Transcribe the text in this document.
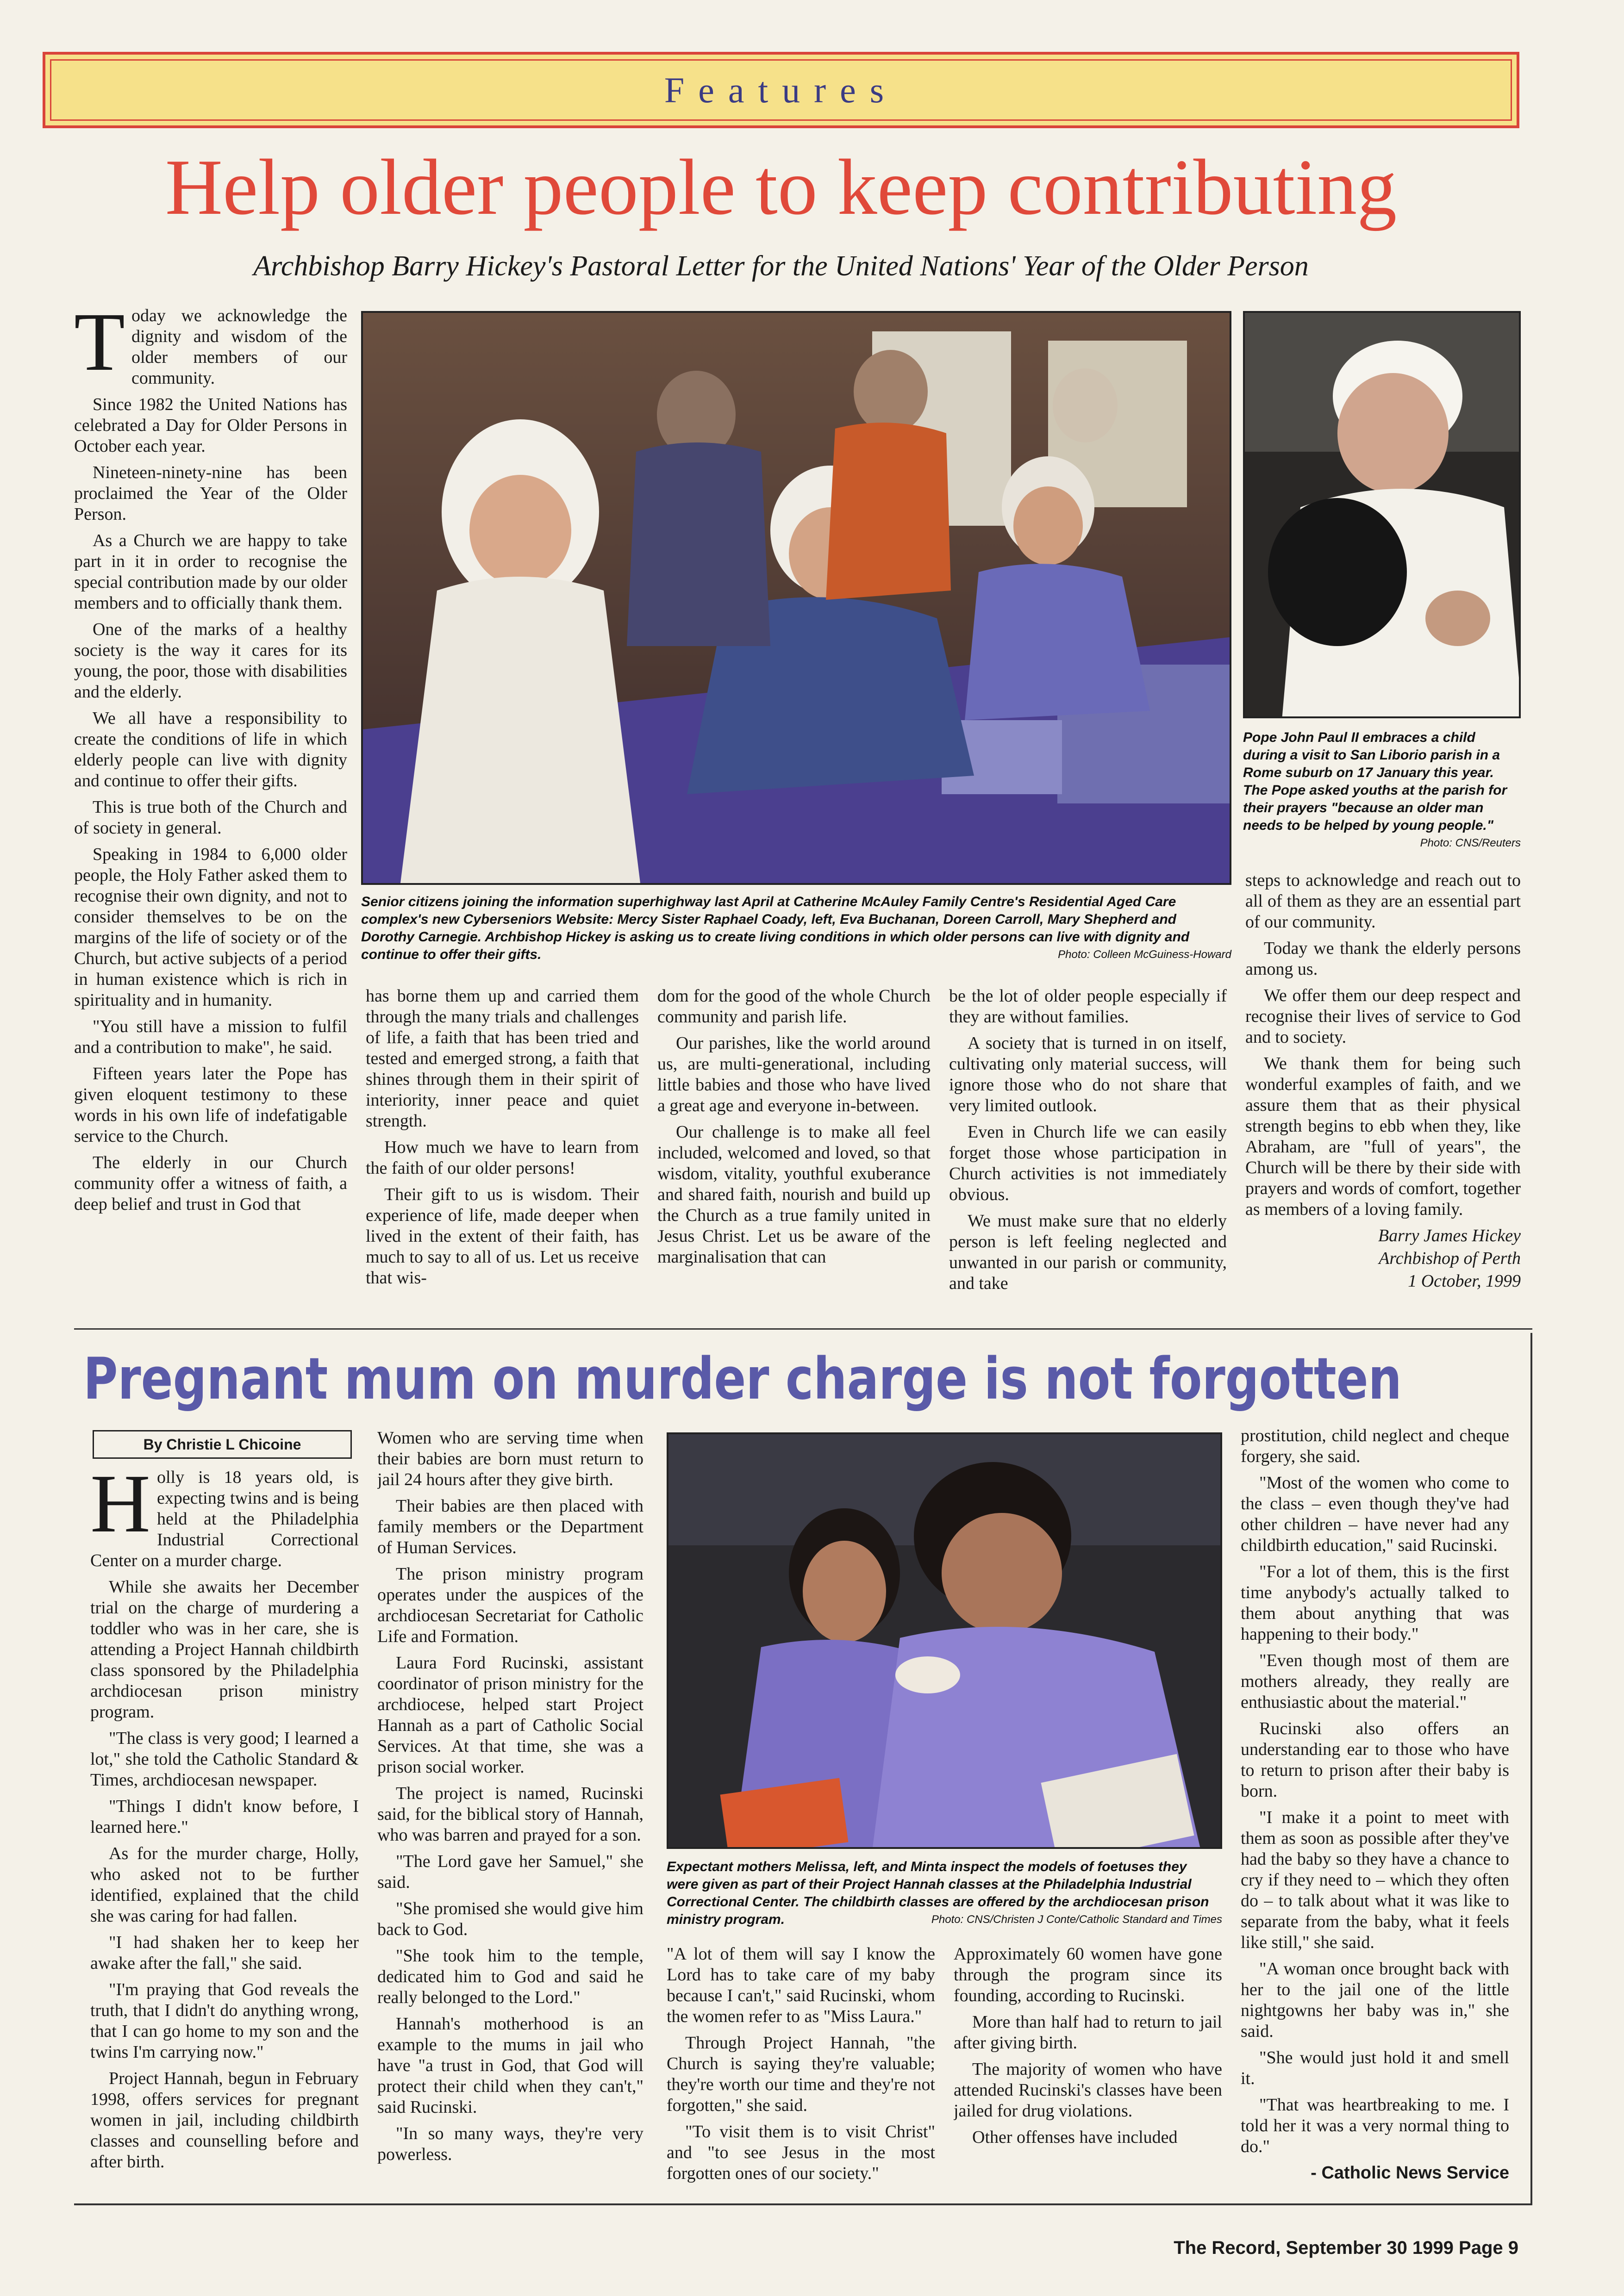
Features
Help older people to keep contributing
Archbishop Barry Hickey's Pastoral Letter for the United Nations' Year of the Older Person

Today we acknowledge the dignity and wisdom of the older members of our community.

Since 1982 the United Nations has celebrated a Day for Older Persons in October each year.

Nineteen-ninety-nine has been proclaimed the Year of the Older Person.

As a Church we are happy to take part in it in order to recognise the special contribution made by our older members and to officially thank them.

One of the marks of a healthy society is the way it cares for its young, the poor, those with disabilities and the elderly.

We all have a responsibility to create the conditions of life in which elderly people can live with dignity and continue to offer their gifts.

This is true both of the Church and of society in general.

Speaking in 1984 to 6,000 older people, the Holy Father asked them to recognise their own dignity, and not to consider themselves to be on the margins of the life of society or of the Church, but active subjects of a period in human existence which is rich in spirituality and in humanity.

"You still have a mission to fulfil and a contribution to make", he said.

Fifteen years later the Pope has given eloquent testimony to these words in his own life of indefatigable service to the Church.

The elderly in our Church community offer a witness of faith, a deep belief and trust in God that

Senior citizens joining the information superhighway last April at Catherine McAuley Family Centre's Residential Aged Care complex's new Cyberseniors Website: Mercy Sister Raphael Coady, left, Eva Buchanan, Doreen Carroll, Mary Shepherd and Dorothy Carnegie. Archbishop Hickey is asking us to create living conditions in which older persons can live with dignity and continue to offer their gifts.	Photo: Colleen McGuiness-Howard
Pope John Paul II embraces a child during a visit to San Liborio parish in a Rome suburb on 17 January this year. The Pope asked youths at the parish for their prayers "because an older man needs to be helped by young people."
Photo: CNS/Reuters

has borne them up and carried them through the many trials and challenges of life, a faith that has been tried and tested and emerged strong, a faith that shines through them in their spirit of interiority, inner peace and quiet strength.

How much we have to learn from the faith of our older persons!

Their gift to us is wisdom. Their experience of life, made deeper when lived in the extent of their faith, has much to say to all of us. Let us receive that wis-

dom for the good of the whole Church community and parish life.

Our parishes, like the world around us, are multi-generational, including little babies and those who have lived a great age and everyone in-between.

Our challenge is to make all feel included, welcomed and loved, so that wisdom, vitality, youthful exuberance and shared faith, nourish and build up the Church as a true family united in Jesus Christ. Let us be aware of the marginalisation that can

be the lot of older people especially if they are without families.

A society that is turned in on itself, cultivating only material success, will ignore those who do not share that very limited outlook.

Even in Church life we can easily forget those whose participation in Church activities is not immediately obvious.

We must make sure that no elderly person is left feeling neglected and unwanted in our parish or community, and take

steps to acknowledge and reach out to all of them as they are an essential part of our community.

Today we thank the elderly persons among us.

We offer them our deep respect and recognise their lives of service to God and to society.

We thank them for being such wonderful examples of faith, and we assure them that as their physical strength begins to ebb when they, like Abraham, are "full of years", the Church will be there by their side with prayers and words of comfort, together as members of a loving family.

Barry James Hickey

Archbishop of Perth

1 October, 1999

Pregnant mum on murder charge is not forgotten
By Christie L Chicoine

Holly is 18 years old, is expecting twins and is being held at the Philadelphia Industrial Correctional Center on a murder charge.

While she awaits her December trial on the charge of murdering a toddler who was in her care, she is attending a Project Hannah childbirth class sponsored by the Philadelphia archdiocesan prison ministry program.

"The class is very good; I learned a lot," she told the Catholic Standard & Times, archdiocesan newspaper.

"Things I didn't know before, I learned here."

As for the murder charge, Holly, who asked not to be further identified, explained that the child she was caring for had fallen.

"I had shaken her to keep her awake after the fall," she said.

"I'm praying that God reveals the truth, that I didn't do anything wrong, that I can go home to my son and the twins I'm carrying now."

Project Hannah, begun in February 1998, offers services for pregnant women in jail, including childbirth classes and counselling before and after birth.

Women who are serving time when their babies are born must return to jail 24 hours after they give birth.

Their babies are then placed with family members or the Department of Human Services.

The prison ministry program operates under the auspices of the archdiocesan Secretariat for Catholic Life and Formation.

Laura Ford Rucinski, assistant coordinator of prison ministry for the archdiocese, helped start Project Hannah as a part of Catholic Social Services. At that time, she was a prison social worker.

The project is named, Rucinski said, for the biblical story of Hannah, who was barren and prayed for a son.

"The Lord gave her Samuel," she said.

"She promised she would give him back to God.

"She took him to the temple, dedicated him to God and said he really belonged to the Lord."

Hannah's motherhood is an example to the mums in jail who have "a trust in God, that God will protect their child when they can't," said Rucinski.

"In so many ways, they're very powerless.

Expectant mothers Melissa, left, and Minta inspect the models of foetuses they were given as part of their Project Hannah classes at the Philadelphia Industrial Correctional Center. The childbirth classes are offered by the archdiocesan prison ministry program.	Photo: CNS/Christen J Conte/Catholic Standard and Times

"A lot of them will say I know the Lord has to take care of my baby because I can't," said Rucinski, whom the women refer to as "Miss Laura."

Through Project Hannah, "the Church is saying they're valuable; they're worth our time and they're not forgotten," she said.

"To visit them is to visit Christ" and "to see Jesus in the most forgotten ones of our society."

Approximately 60 women have gone through the program since its founding, according to Rucinski.

More than half had to return to jail after giving birth.

The majority of women who have attended Rucinski's classes have been jailed for drug violations.

Other offenses have included

prostitution, child neglect and cheque forgery, she said.

"Most of the women who come to the class – even though they've had other children – have never had any childbirth education," said Rucinski.

"For a lot of them, this is the first time anybody's actually talked to them about anything that was happening to their body."

"Even though most of them are mothers already, they really are enthusiastic about the material."

Rucinski also offers an understanding ear to those who have to return to prison after their baby is born.

"I make it a point to meet with them as soon as possible after they've had the baby so they have a chance to cry if they need to – which they often do – to talk about what it was like to separate from the baby, what it feels like still," she said.

"A woman once brought back with her to the jail one of the little nightgowns her baby was in," she said.

"She would just hold it and smell it.

"That was heartbreaking to me. I told her it was a very normal thing to do."

- Catholic News Service

The Record, September 30 1999 Page 9
